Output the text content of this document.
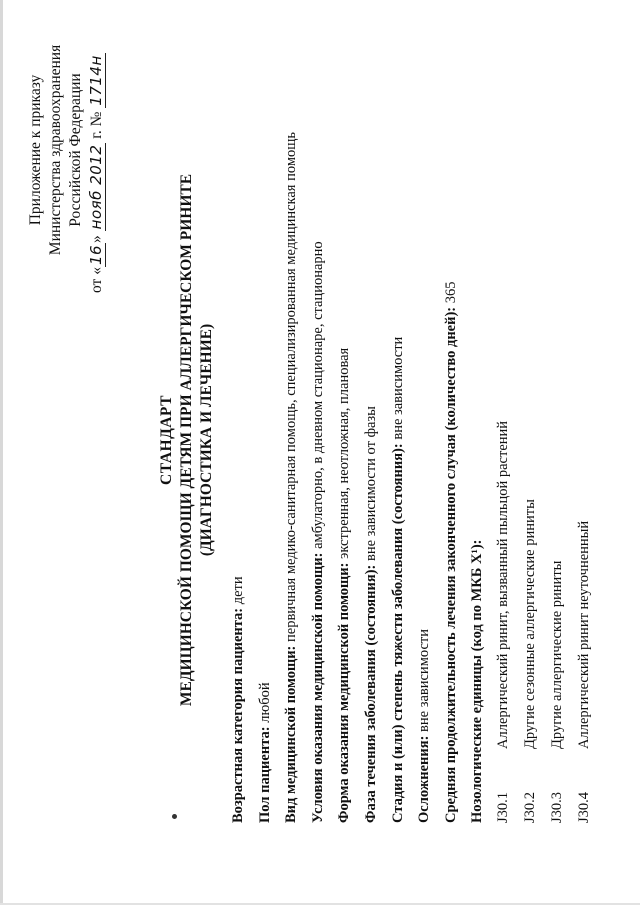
Приложение к приказу Министерства здравоохранения Российской Федерации
от «16» нояб 2012 г. № 1714н
СТАНДАРТ МЕДИЦИНСКОЙ ПОМОЩИ ДЕТЯМ ПРИ АЛЛЕРГИЧЕСКОМ РИНИТЕ (ДИАГНОСТИКА И ЛЕЧЕНИЕ)
Возрастная категория пациента: дети
Пол пациента: любой Вид медицинской помощи: первичная медико-санитарная помощь, специализированная медицинская помощь
Условия оказания медицинской помощи: амбулаторно, в дневном стационаре, стационарно
Форма оказания медицинской помощи: экстренная, неотложная, плановая
Фаза течения заболевания (состояния): вне зависимости от фазы Стадия и (или) степень тяжести заболевания (состояния): вне зависимости
Осложнения: вне зависимости Средняя продолжительность лечения законченного случая (количество дней): 365
Нозологические единицы (код по МКБ X¹): J30.1Аллергический ринит, вызванный пыльцой растений
J30.2Другие сезонные аллергические риниты
J30.3Другие аллергические риниты
J30.4Аллергический ринит неуточненный
